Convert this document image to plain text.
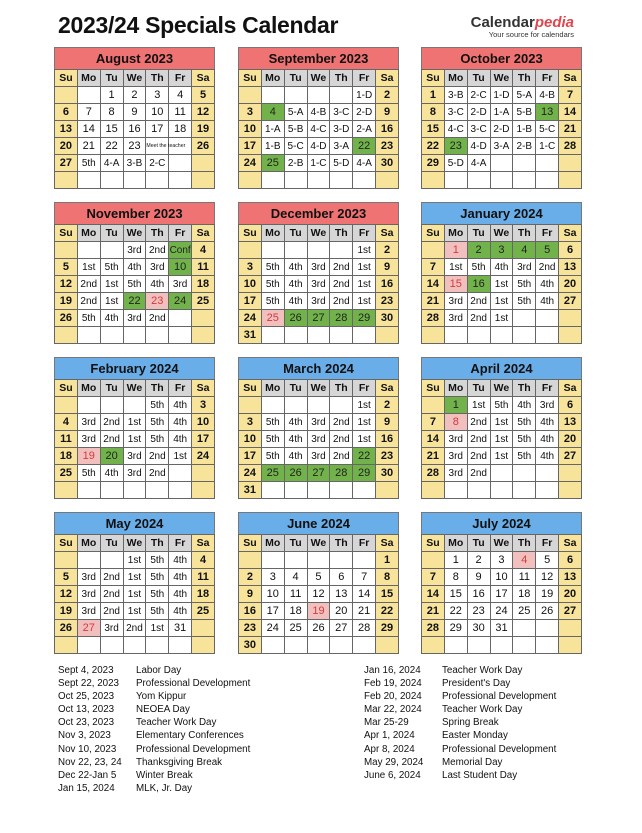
2023/24 Specials Calendar	Calendarpedia
Your source for calendars
August 2023
Su	Mo	Tu	We	Th	Fr	Sa
		1	2	3	4	5
6	7	8	9	10	11	12
13	14	15	16	17	18	19
20	21	22	23	Meet the teacher		26
27	5th	4-A	3-B	2-C		

September 2023
Su	Mo	Tu	We	Th	Fr	Sa
					1-D	2
3	4	5-A	4-B	3-C	2-D	9
10	1-A	5-B	4-C	3-D	2-A	16
17	1-B	5-C	4-D	3-A	22	23
24	25	2-B	1-C	5-D	4-A	30

October 2023
Su	Mo	Tu	We	Th	Fr	Sa
1	3-B	2-C	1-D	5-A	4-B	7
8	3-C	2-D	1-A	5-B	13	14
15	4-C	3-C	2-D	1-B	5-C	21
22	23	4-D	3-A	2-B	1-C	28
29	5-D	4-A				

November 2023
Su	Mo	Tu	We	Th	Fr	Sa
			3rd	2nd	Conf	4
5	1st	5th	4th	3rd	10	11
12	2nd	1st	5th	4th	3rd	18
19	2nd	1st	22	23	24	25
26	5th	4th	3rd	2nd		

December 2023
Su	Mo	Tu	We	Th	Fr	Sa
					1st	2
3	5th	4th	3rd	2nd	1st	9
10	5th	4th	3rd	2nd	1st	16
17	5th	4th	3rd	2nd	1st	23
24	25	26	27	28	29	30
31						
January 2024
Su	Mo	Tu	We	Th	Fr	Sa
	1	2	3	4	5	6
7	1st	5th	4th	3rd	2nd	13
14	15	16	1st	5th	4th	20
21	3rd	2nd	1st	5th	4th	27
28	3rd	2nd	1st			

February 2024
Su	Mo	Tu	We	Th	Fr	Sa
				5th	4th	3
4	3rd	2nd	1st	5th	4th	10
11	3rd	2nd	1st	5th	4th	17
18	19	20	3rd	2nd	1st	24
25	5th	4th	3rd	2nd		

March 2024
Su	Mo	Tu	We	Th	Fr	Sa
					1st	2
3	5th	4th	3rd	2nd	1st	9
10	5th	4th	3rd	2nd	1st	16
17	5th	4th	3rd	2nd	22	23
24	25	26	27	28	29	30
31						
April 2024
Su	Mo	Tu	We	Th	Fr	Sa
	1	1st	5th	4th	3rd	6
7	8	2nd	1st	5th	4th	13
14	3rd	2nd	1st	5th	4th	20
21	3rd	2nd	1st	5th	4th	27
28	3rd	2nd				

May 2024
Su	Mo	Tu	We	Th	Fr	Sa
			1st	5th	4th	4
5	3rd	2nd	1st	5th	4th	11
12	3rd	2nd	1st	5th	4th	18
19	3rd	2nd	1st	5th	4th	25
26	27	3rd	2nd	1st	31	

June 2024
Su	Mo	Tu	We	Th	Fr	Sa
						1
2	3	4	5	6	7	8
9	10	11	12	13	14	15
16	17	18	19	20	21	22
23	24	25	26	27	28	29
30						
July 2024
Su	Mo	Tu	We	Th	Fr	Sa
	1	2	3	4	5	6
7	8	9	10	11	12	13
14	15	16	17	18	19	20
21	22	23	24	25	26	27
28	29	30	31			

Sept 4, 2023	Labor Day
Sept 22, 2023	Professional Development
Oct 25, 2023	Yom Kippur
Oct 13, 2023	NEOEA Day
Oct 23, 2023	Teacher Work Day
Nov 3, 2023	Elementary Conferences
Nov 10, 2023	Professional Development
Nov 22, 23, 24	Thanksgiving Break
Dec 22-Jan 5	Winter Break
Jan 15, 2024	MLK, Jr. Day
Jan 16, 2024	Teacher Work Day
Feb 19, 2024	President's Day
Feb 20, 2024	Professional Development
Mar 22, 2024	Teacher Work Day
Mar 25-29	Spring Break
Apr 1, 2024	Easter Monday
Apr 8, 2024	Professional Development
May 29, 2024	Memorial Day
June 6, 2024	Last Student Day
